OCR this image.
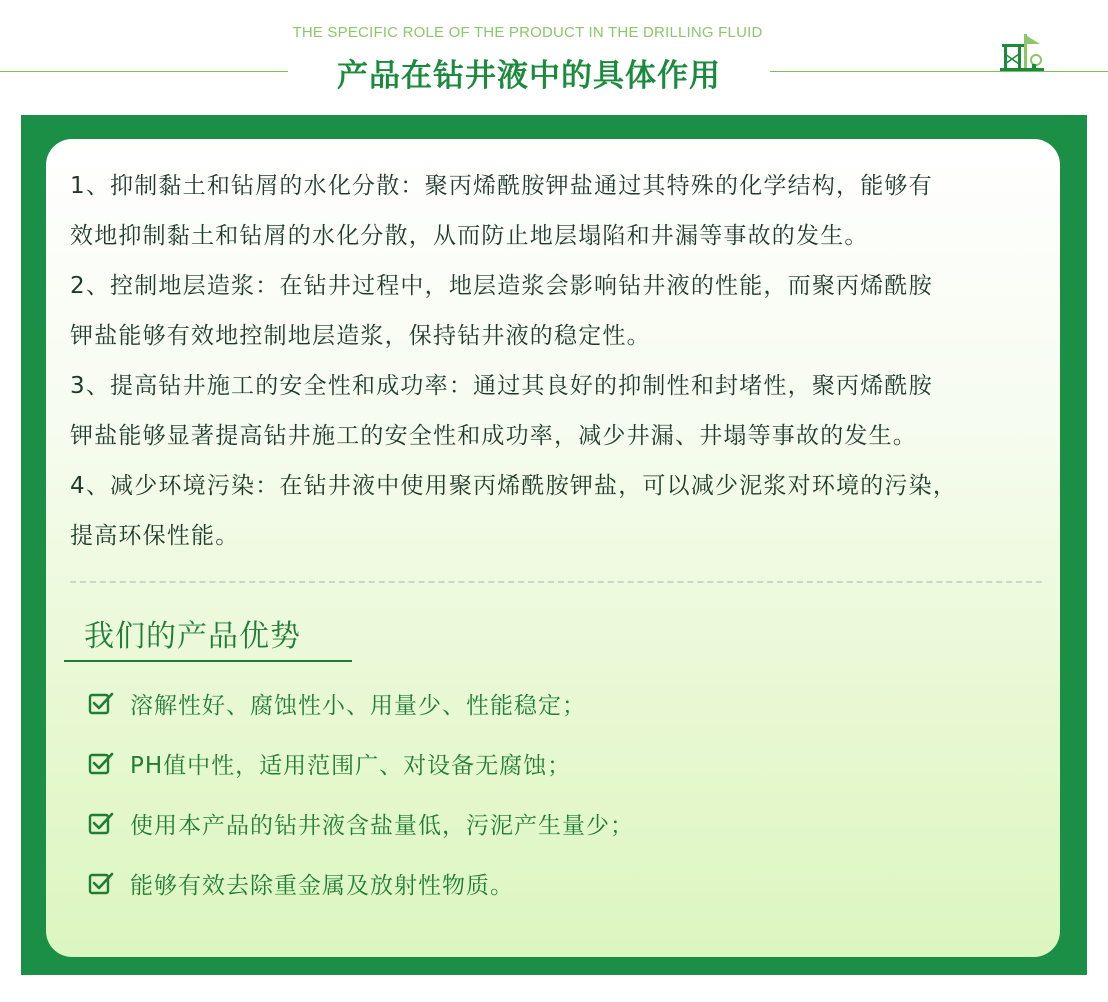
THE SPECIFIC ROLE OF THE PRODUCT IN THE DRILLING FLUID
产品在钻井液中的具体作用
1、抑制黏土和钻屑的水化分散：聚丙烯酰胺钾盐通过其特殊的化学结构，能够有
效地抑制黏土和钻屑的水化分散，从而防止地层塌陷和井漏等事故的发生。
2、控制地层造浆：在钻井过程中，地层造浆会影响钻井液的性能，而聚丙烯酰胺
钾盐能够有效地控制地层造浆，保持钻井液的稳定性。
3、提高钻井施工的安全性和成功率：通过其良好的抑制性和封堵性，聚丙烯酰胺
钾盐能够显著提高钻井施工的安全性和成功率，减少井漏、井塌等事故的发生。
4、减少环境污染：在钻井液中使用聚丙烯酰胺钾盐，可以减少泥浆对环境的污染，
提高环保性能。
我们的产品优势
溶解性好、腐蚀性小、用量少、性能稳定；
PH值中性，适用范围广、对设备无腐蚀；
使用本产品的钻井液含盐量低，污泥产生量少；
能够有效去除重金属及放射性物质。
